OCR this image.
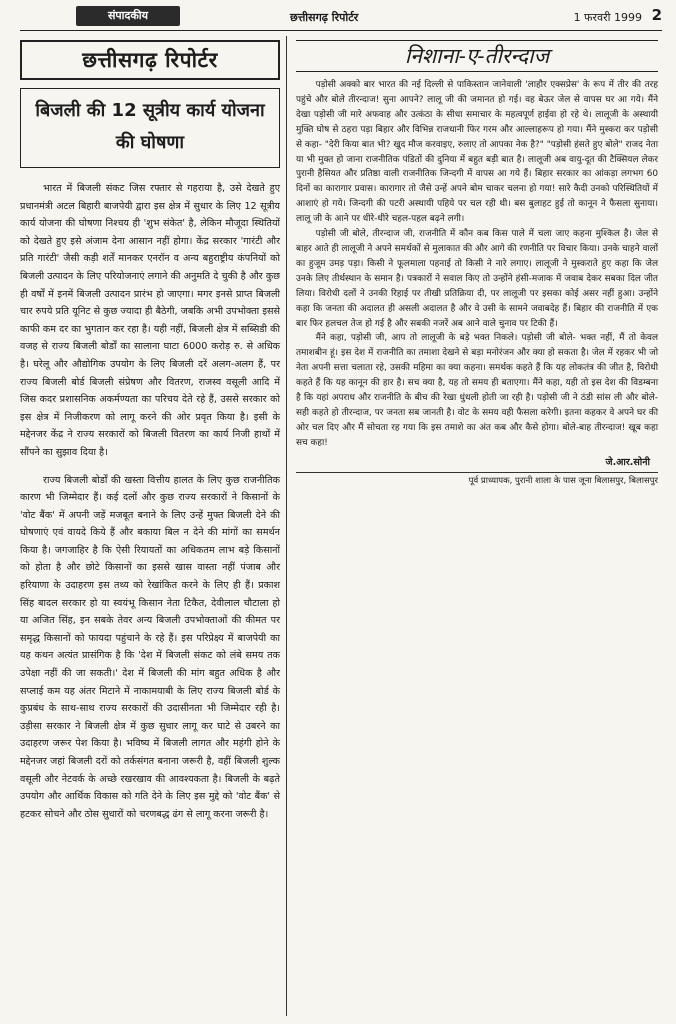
संपादकीय	छत्तीसगढ़ रिपोर्टर	1 फरवरी 1999 2
छत्तीसगढ़ रिपोर्टर
बिजली की 12 सूत्रीय कार्य योजना की घोषणा

भारत में बिजली संकट जिस रफ्तार से गहराया है, उसे देखते हुए प्रधानमंत्री अटल बिहारी बाजपेयी द्वारा इस क्षेत्र में सुधार के लिए 12 सूत्रीय कार्य योजना की घोषणा निश्चय ही 'शुभ संकेत' है, लेकिन मौजूदा स्थितियों को देखते हुए इसे अंजाम देना आसान नहीं होगा। केंद्र सरकार 'गारंटी और प्रति गारंटी' जैसी कड़ी शर्तें मानकर एनरॉन व अन्य बहुराष्ट्रीय कंपनियों को बिजली उत्पादन के लिए परियोजनाएं लगाने की अनुमति दे चुकी है और कुछ ही वर्षों में इनमें बिजली उत्पादन प्रारंभ हो जाएगा। मगर इनसे प्राप्त बिजली चार रुपये प्रति यूनिट से कुछ ज्यादा ही बैठेगी, जबकि अभी उपभोक्ता इससे काफी कम दर का भुगतान कर रहा है। यही नहीं, बिजली क्षेत्र में सब्सिडी की वजह से राज्य बिजली बोर्डों का सालाना घाटा 6000 करोड़ रु. से अधिक है। घरेलू और औद्योगिक उपयोग के लिए बिजली दरें अलग-अलग हैं, पर राज्य बिजली बोर्ड बिजली संप्रेषण और वितरण, राजस्व वसूली आदि में जिस कदर प्रशासनिक अकर्मण्यता का परिचय देते रहे हैं, उससे सरकार को इस क्षेत्र में निजीकरण को लागू करने की ओर प्रवृत किया है। इसी के मद्देनजर केंद्र ने राज्य सरकारों को बिजली वितरण का कार्य निजी हाथों में सौंपने का सुझाव दिया है।

राज्य बिजली बोर्डों की खस्ता वित्तीय हालत के लिए कुछ राजनीतिक कारण भी जिम्मेदार हैं। कई दलों और कुछ राज्य सरकारों ने किसानों के 'वोट बैंक' में अपनी जड़ें मजबूत बनाने के लिए उन्हें मुफ्त बिजली देने की घोषणाएं एवं वायदे किये हैं और बकाया बिल न देने की मांगों का समर्थन किया है। जगजाहिर है कि ऐसी रियायतों का अधिकतम लाभ बड़े किसानों को होता है और छोटे किसानों का इससे खास वास्ता नहीं पंजाब और हरियाणा के उदाहरण इस तथ्य को रेखांकित करने के लिए ही हैं। प्रकाश सिंह बादल सरकार हो या स्वयंभू किसान नेता टिकैत, देवीलाल चौटाला हो या अजित सिंह, इन सबके तेवर अन्य बिजली उपभोक्ताओं की कीमत पर समृद्ध किसानों को फायदा पहुंचाने के रहे हैं। इस परिप्रेक्ष्य में बाजपेयी का यह कथन अत्यंत प्रासंगिक है कि 'देश में बिजली संकट को लंबे समय तक उपेक्षा नहीं की जा सकती।' देश में बिजली की मांग बहुत अधिक है और सप्लाई कम यह अंतर मिटाने में नाकामयाबी के लिए राज्य बिजली बोर्ड के कुप्रबंध के साथ-साथ राज्य सरकारों की उदासीनता भी जिम्मेदार रही है। उड़ीसा सरकार ने बिजली क्षेत्र में कुछ सुधार लागू कर घाटे से उबरने का उदाहरण जरूर पेश किया है। भविष्य में बिजली लागत और महंगी होने के मद्देनजर जहां बिजली दरों को तर्कसंगत बनाना जरूरी है, वहीं बिजली शुल्क वसूली और नेटवर्क के अच्छे रखरखाव की आवश्यकता है। बिजली के बढ़ते उपयोग और आर्थिक विकास को गति देने के लिए इस मुद्दे को 'वोट बैंक' से हटकर सोचने और ठोस सुधारों को चरणबद्ध ढंग से लागू करना जरूरी है।

निशाना-ए-तीरन्दाज

पड़ोसी अक्को बार भारत की नई दिल्ली से पाकिस्तान जानेवाली 'लाहौर एक्सप्रेस' के रूप में तीर की तरह पहुंचे और बोले तीरन्दाज! सुना आपने? लालू जी की जमानत हो गई। वह बेऊर जेल से वापस घर आ गये। मैंने देखा पड़ोसी जी मारे अफवाह और उत्कंठा के सीधा समाचार के महत्वपूर्ण हाईवा हो रहे थे। लालूजी के अस्थायी मुक्ति घोष से ठहरा पड़ा बिहार और विभिन्न राजधानी फिर गरम और आल्लाहरूप हो गया। मैंने मुस्करा कर पड़ोसी से कहा- "देरी किया बात भी? खुद मौज करवाइए, रुलाए तो आपका नेक है?" "पड़ोसी हंसते हुए बोले" राजद नेता या भी मुक्त हो जाना राजनीतिक पंडितों की दुनिया में बहुत बड़ी बात है। लालूजी अब वायु-दूत की टैक्सियल लेकर पुरानी हैसियत और प्रतिष्ठा वाली राजनीतिक जिन्दगी में वापस आ गये हैं। बिहार सरकार का आंकड़ा लगभग 60 दिनों का कारागार प्रवास। कारागार तो जैसे उन्हें अपने बोम चाकर चलना हो गया! सारे कैदी उनको परिस्थितियों में आशाएं हो गये। जिन्दगी की पटरी अस्थायी पहिये पर चल रही थी। बस बुलाहट हुई तो कानून ने फैसला सुनाया। लालू जी के आने पर धीरे-धीरे चहल-पहल बढ़ने लगी।

पड़ोसी जी बोले, तीरन्दाज जी, राजनीति में कौन कब किस पाले में चला जाए कहना मुश्किल है। जेल से बाहर आते ही लालूजी ने अपने समर्थकों से मुलाकात की और आगे की रणनीति पर विचार किया। उनके चाहने वालों का हुजूम उमड़ पड़ा। किसी ने फूलमाला पहनाई तो किसी ने नारे लगाए। लालूजी ने मुस्कराते हुए कहा कि जेल उनके लिए तीर्थस्थान के समान है। पत्रकारों ने सवाल किए तो उन्होंने हंसी-मजाक में जवाब देकर सबका दिल जीत लिया। विरोधी दलों ने उनकी रिहाई पर तीखी प्रतिक्रिया दी, पर लालूजी पर इसका कोई असर नहीं हुआ। उन्होंने कहा कि जनता की अदालत ही असली अदालत है और वे उसी के सामने जवाबदेह हैं। बिहार की राजनीति में एक बार फिर हलचल तेज हो गई है और सबकी नजरें अब आने वाले चुनाव पर टिकी हैं।

मैंने कहा, पड़ोसी जी, आप तो लालूजी के बड़े भक्त निकले। पड़ोसी जी बोले- भक्त नहीं, मैं तो केवल तमाशबीन हूं। इस देश में राजनीति का तमाशा देखने से बड़ा मनोरंजन और क्या हो सकता है। जेल में रहकर भी जो नेता अपनी सत्ता चलाता रहे, उसकी महिमा का क्या कहना। समर्थक कहते हैं कि यह लोकतंत्र की जीत है, विरोधी कहते हैं कि यह कानून की हार है। सच क्या है, यह तो समय ही बताएगा। मैंने कहा, यही तो इस देश की विडम्बना है कि यहां अपराध और राजनीति के बीच की रेखा धुंधली होती जा रही है। पड़ोसी जी ने ठंडी सांस ली और बोले- सही कहते हो तीरन्दाज, पर जनता सब जानती है। वोट के समय वही फैसला करेगी। इतना कहकर वे अपने घर की ओर चल दिए और मैं सोचता रह गया कि इस तमाशे का अंत कब और कैसे होगा। बोले-बाह तीरन्दाज! खूब कहा सच कहा!

जे.आर.सोनी
पूर्व प्राध्यापक, पुरानी शाला के पास जूना बिलासपुर, बिलासपुर
